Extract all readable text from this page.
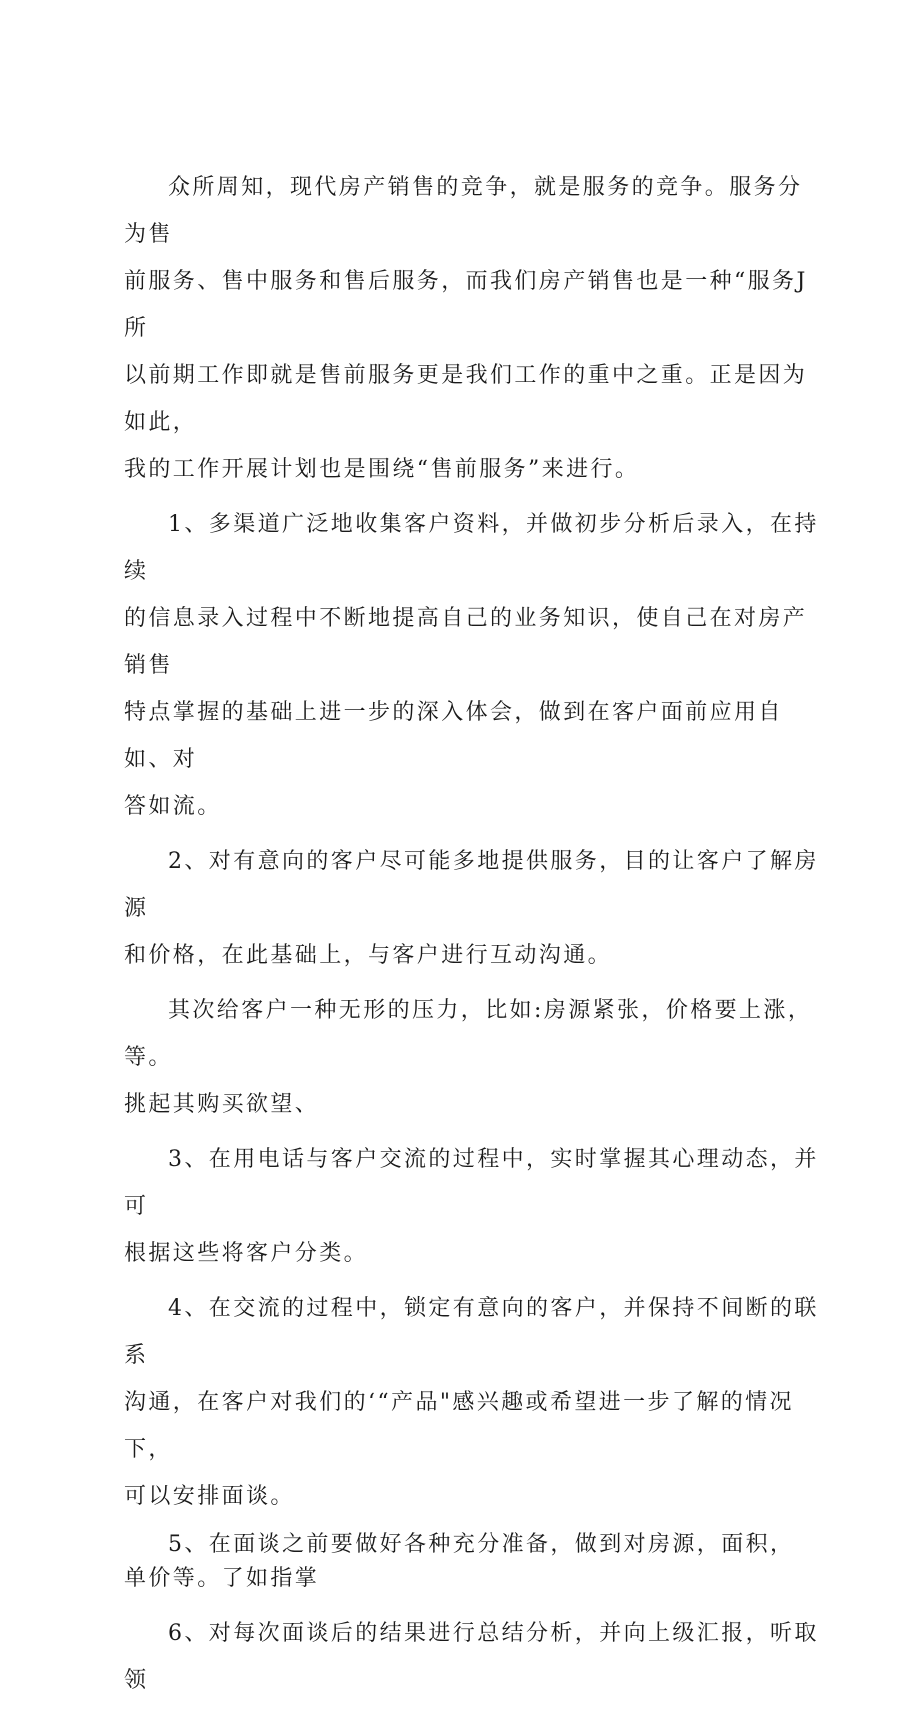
众所周知，现代房产销售的竞争，就是服务的竞争。服务分为售
前服务、售中服务和售后服务，而我们房产销售也是一种“服务J所
以前期工作即就是售前服务更是我们工作的重中之重。正是因为如此，
我的工作开展计划也是围绕“售前服务”来进行。

1、多渠道广泛地收集客户资料，并做初步分析后录入，在持续
的信息录入过程中不断地提高自己的业务知识，使自己在对房产销售
特点掌握的基础上进一步的深入体会，做到在客户面前应用自如、对
答如流。

2、对有意向的客户尽可能多地提供服务，目的让客户了解房源
和价格，在此基础上，与客户进行互动沟通。

其次给客户一种无形的压力，比如:房源紧张，价格要上涨，等。
挑起其购买欲望、

3、在用电话与客户交流的过程中，实时掌握其心理动态，并可
根据这些将客户分类。

4、在交流的过程中，锁定有意向的客户，并保持不间断的联系
沟通，在客户对我们的‘“产品"感兴趣或希望进一步了解的情况下，
可以安排面谈。

5、在面谈之前要做好各种充分准备，做到对房源，面积，
单价等。了如指掌

6、对每次面谈后的结果进行总结分析，并向上级汇报，听取领
